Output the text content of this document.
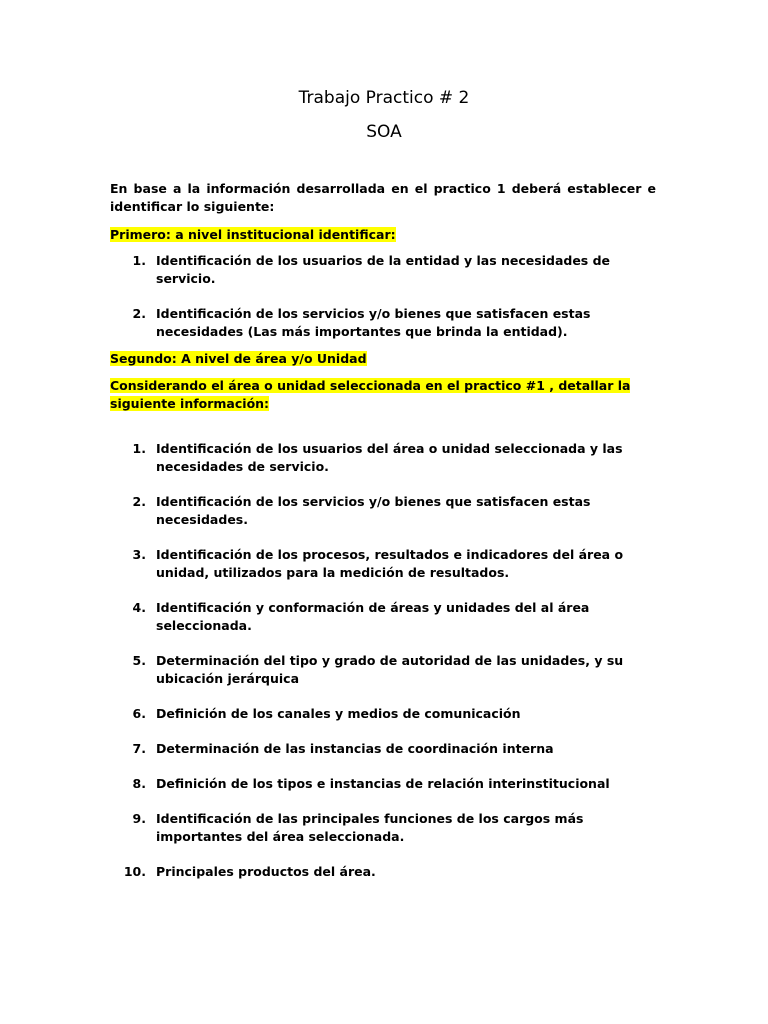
Trabajo Practico # 2
SOA
En base a la información desarrollada en el practico 1 deberá establecer e identificar lo siguiente:
Primero: a nivel institucional identificar:
1. Identificación de los usuarios de la entidad y las necesidades de servicio.
2. Identificación de los servicios y/o bienes que satisfacen estas necesidades (Las más importantes que brinda la entidad).
Segundo: A nivel de área y/o Unidad
Considerando el área o unidad seleccionada en el practico #1 , detallar la siguiente información:
1. Identificación de los usuarios del área o unidad seleccionada y las necesidades de servicio.
2. Identificación de los servicios y/o bienes que satisfacen estas necesidades.
3. Identificación de los procesos, resultados e indicadores del área o unidad, utilizados para la medición de resultados.
4. Identificación y conformación de áreas y unidades del al área seleccionada.
5. Determinación del tipo y grado de autoridad de las unidades, y su ubicación jerárquica
6. Definición de los canales y medios de comunicación
7. Determinación de las instancias de coordinación interna
8. Definición de los tipos e instancias de relación interinstitucional
9. Identificación de las principales funciones de los cargos más importantes del área seleccionada.
10. Principales productos del área.
